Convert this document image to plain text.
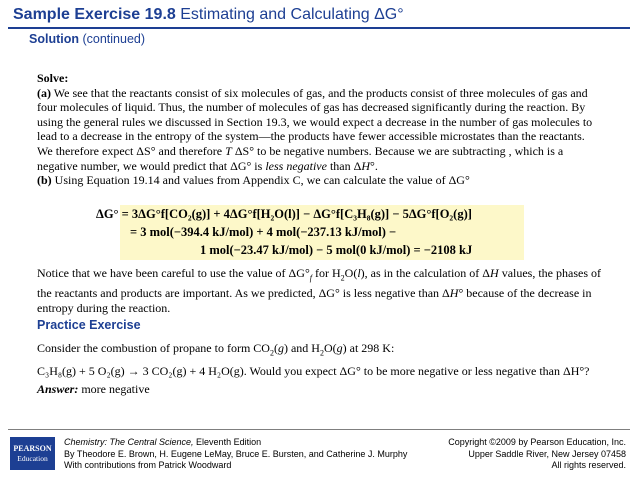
Sample Exercise 19.8 Estimating and Calculating ΔG°
Solution (continued)

Solve:

(a) We see that the reactants consist of six molecules of gas, and the products consist of three molecules of gas and four molecules of liquid. Thus, the number of molecules of gas has decreased significantly during the reaction. By using the general rules we discussed in Section 19.3, we would expect a decrease in the number of gas molecules to lead to a decrease in the entropy of the system—the products have fewer accessible microstates than the reactants. We therefore expect ΔS° and therefore T ΔS° to be negative numbers. Because we are subtracting , which is a negative number, we would predict that ΔG° is less negative than ΔH°.

(b) Using Equation 19.14 and values from Appendix C, we can calculate the value of ΔG°

ΔG° = 3ΔG°f[CO₂(g)] + 4ΔG°f[H₂O(l)] − ΔG°f[C₃H₈(g)] − 5ΔG°f[O₂(g)]
= 3 mol(−394.4 kJ/mol) + 4 mol(−237.13 kJ/mol) −
1 mol(−23.47 kJ/mol) − 5 mol(0 kJ/mol) = −2108 kJ

Notice that we have been careful to use the value of $\Delta G^\circ_f$ for $H_2O(l)$, as in the calculation of ΔH values, the phases of the reactants and products are important. As we predicted, ΔG° is less negative than ΔH° because of the decrease in entropy during the reaction.

Practice Exercise

Consider the combustion of propane to form $CO_2(g)$ and $H_2O(g)$ at 298 K:

C₃H₈(g) + 5 O₂(g) → 3 CO₂(g) + 4 H₂O(g). Would you expect ΔG° to be more negative or less negative than ΔH°?

Answer: more negative

PEARSON
Education
Chemistry: The Central Science, Eleventh Edition
By Theodore E. Brown, H. Eugene LeMay, Bruce E. Bursten, and Catherine J. Murphy
With contributions from Patrick Woodward
Copyright ©2009 by Pearson Education, Inc.
Upper Saddle River, New Jersey 07458
All rights reserved.
